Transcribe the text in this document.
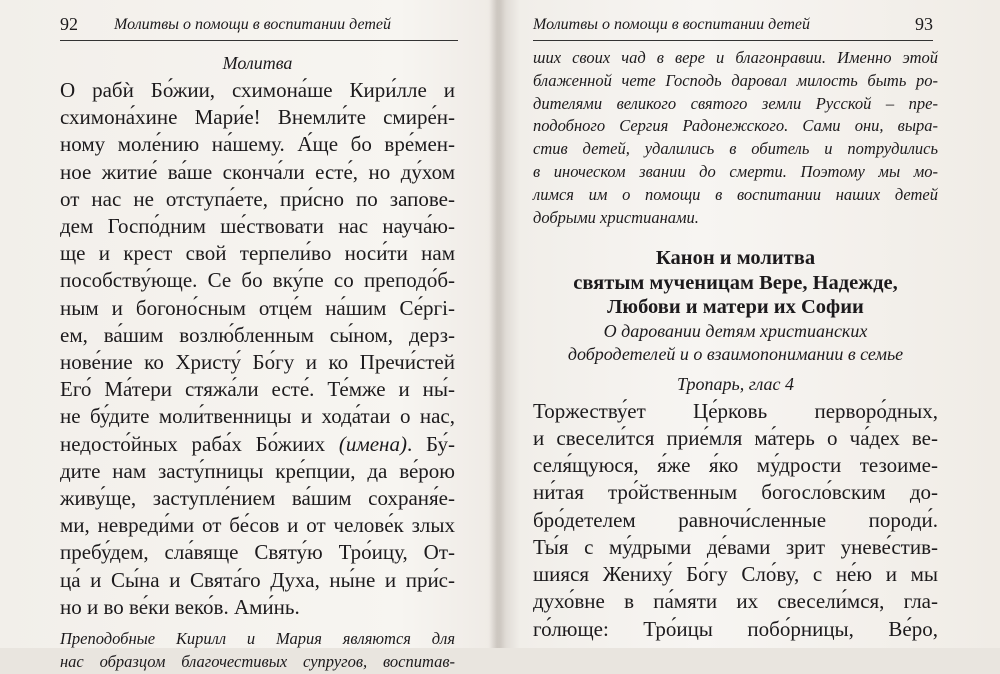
92 Молитвы о помощи в воспитании детей
Молитва
О рабѝ Бо́жии, схимона́ше Кири́лле и
схимона́хине Мари́е! Внемли́те смире́н-
ному моле́нию на́шему. А́ще бо вре́мен-
ное житие́ ва́ше сконча́ли есте́, но ду́хом
от нас не отступа́ете, при́сно по запове-
дем Госпо́дним ше́ствовати нас науча́ю-
ще и крест свой терпели́во носи́ти нам
пособству́юще. Се бо вку́пе со преподо́б-
ным и богоно́сным отце́м на́шим Се́ргi-
ем, ва́шим возлю́бленным сы́ном, дерз-
нове́ние ко Христу́ Бо́гу и ко Пречи́стей
Его́ Ма́тери стяжа́ли есте́. Те́мже и ны́-
не бу́дите моли́твенницы и хода́таи о нас,
недосто́йных раба́х Бо́жиих (имена). Бу́-
дите нам засту́пницы кре́пции, да ве́рою
живу́ще, заступле́нием ва́шим сохраня́е-
ми, невреди́ми от бе́сов и от челове́к злых
пребу́дем, сла́вяще Святу́ю Тро́ицу, От-
ца́ и Сы́на и Свята́го Духа, ны́не и при́с-
но и во ве́ки веко́в. Ами́нь.
Преподобные Кирилл и Мария являются для
нас образцом благочестивых супругов, воспитав-
Молитвы о помощи в воспитании детей	93
ших своих чад в вере и благонравии. Именно этой
блаженной чете Господь даровал милость быть ро-
дителями великого святого земли Русской – пре-
подобного Сергия Радонежского. Сами они, выра-
стив детей, удалились в обитель и потрудились
в иноческом звании до смерти. Поэтому мы мо-
лимся им о помощи в воспитании наших детей
добрыми христианами.
Канон и молитва
святым мученицам Вере, Надежде,
Любови и матери их Софии
О даровании детям христианских
добродетелей и о взаимопонимании в семье
Тропарь, глас 4
Торжеству́ет Це́рковь перворо́дных,
и свесели́тся прие́мля ма́терь о ча́дех ве-
селя́щуюся, я́же я́ко му́дрости тезоиме-
ни́тая тро́йственным богосло́вским до-
бро́детелем равночи́сленные породи́.
Ты́я с му́дрыми де́вами зрит уневе́стив-
шияся Жениху́ Бо́гу Сло́ву, с не́ю и мы
духо́вне в па́мяти их свесели́мся, гла-
го́люще: Тро́ицы побо́рницы, Ве́ро,
